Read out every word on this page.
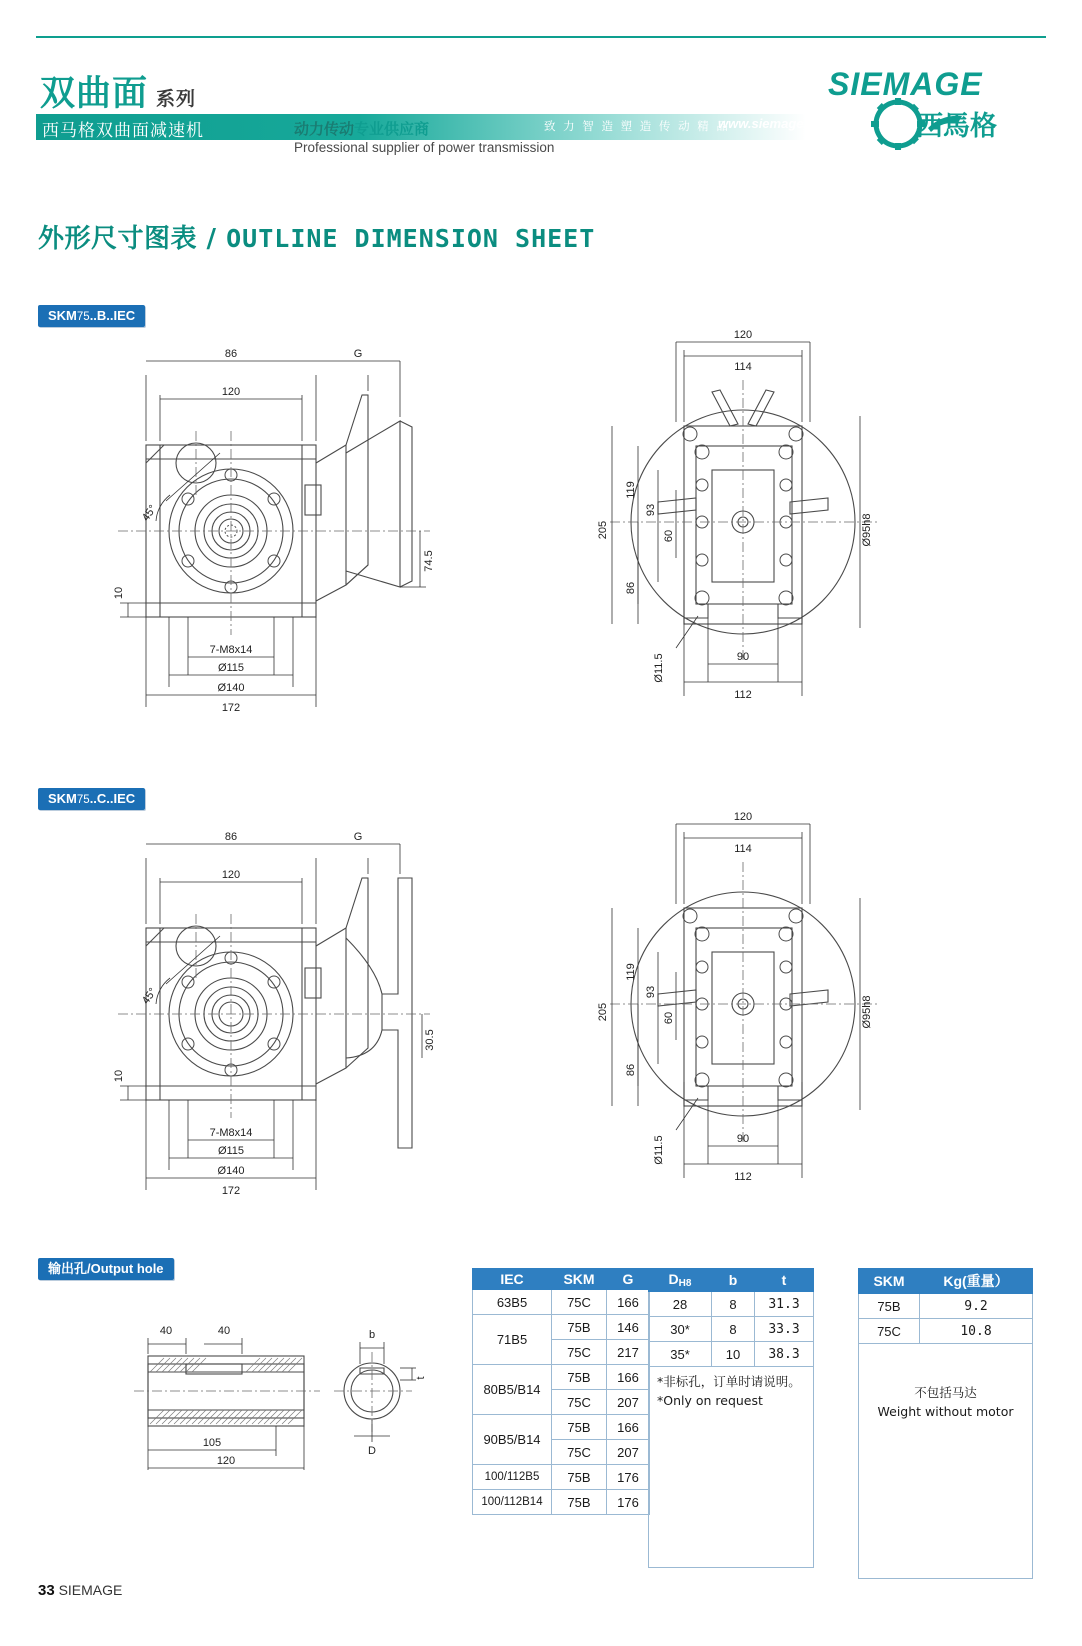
双曲面 系列
西马格双曲面减速机	动力传动专业供应商
Professional supplier of power transmission
致 力 智 造 塑 造 传 动 精 品
www.siemage.com
SIEMAGE
西馬格
外形尺寸图表 / OUTLINE DIMENSION SHEET
SKM75..B..IEC
86	G
120
7-M8x14
Ø115
Ø140
172
45°
10
74.5
120
114
205
119
93
86
60	Ø95h8
Ø11.5	90
112
SKM75..C..IEC
86	G
120
7-M8x14
Ø115
Ø140
172
45°
10
30.5
120
114
205
119
93
86
60	Ø95h8
Ø11.5	90
112
输出孔/Output hole
40	40
105
120
b
t
D
IEC	SKM	G
63B5	75C	166
71B5	75B	146
	75C	217
80B5/B14	75B	166
	75C	207
90B5/B14	75B	166
	75C	207
100/112B5	75B	176
100/112B14	75B	176
DH8	b	t
28	8	31.3
30*	8	33.3
35*	10	38.3

*非标孔，订单时请说明。
*Only on request		
SKM	Kg(重量）
75B	9.2
75C	10.8

不包括马达
Weight without motor	
33 SIEMAGE
